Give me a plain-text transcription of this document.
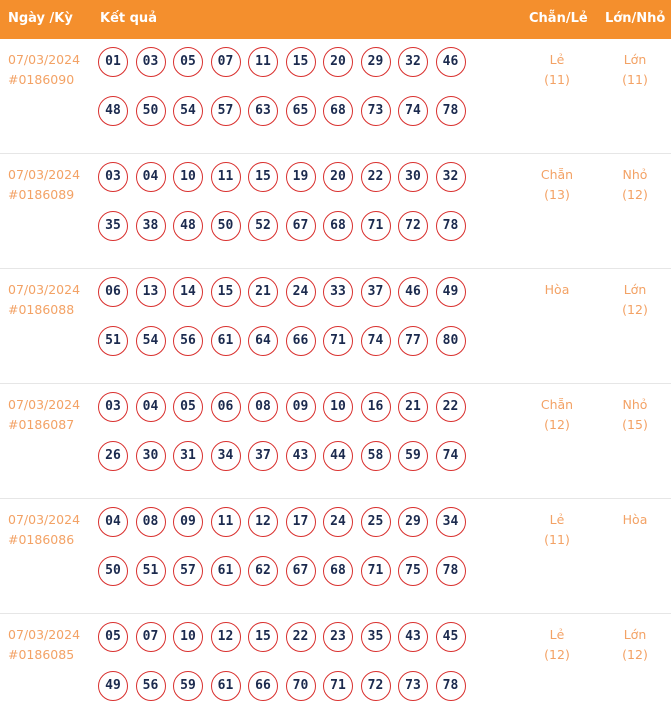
Ngày /Kỳ Kết quả	Chẵn/Lẻ Lớn/Nhỏ
07/03/2024
#0186090
01 03 05 07 11 15 20 29 32 46
48 50 54 57 63 65 68 73 74 78
Lẻ
(11)
Lớn
(11)
07/03/2024
#0186089
03 04 10 11 15 19 20 22 30 32
35 38 48 50 52 67 68 71 72 78
Chẵn
(13)
Nhỏ
(12)
07/03/2024
#0186088
06 13 14 15 21 24 33 37 46 49
51 54 56 61 64 66 71 74 77 80
Hòa	Lớn
(12)
07/03/2024
#0186087
03 04 05 06 08 09 10 16 21 22
26 30 31 34 37 43 44 58 59 74
Chẵn
(12)
Nhỏ
(15)
07/03/2024
#0186086
04 08 09 11 12 17 24 25 29 34
50 51 57 61 62 67 68 71 75 78
Lẻ
(11)
Hòa
07/03/2024
#0186085
05 07 10 12 15 22 23 35 43 45
49 56 59 61 66 70 71 72 73 78
Lẻ
(12)
Lớn
(12)
